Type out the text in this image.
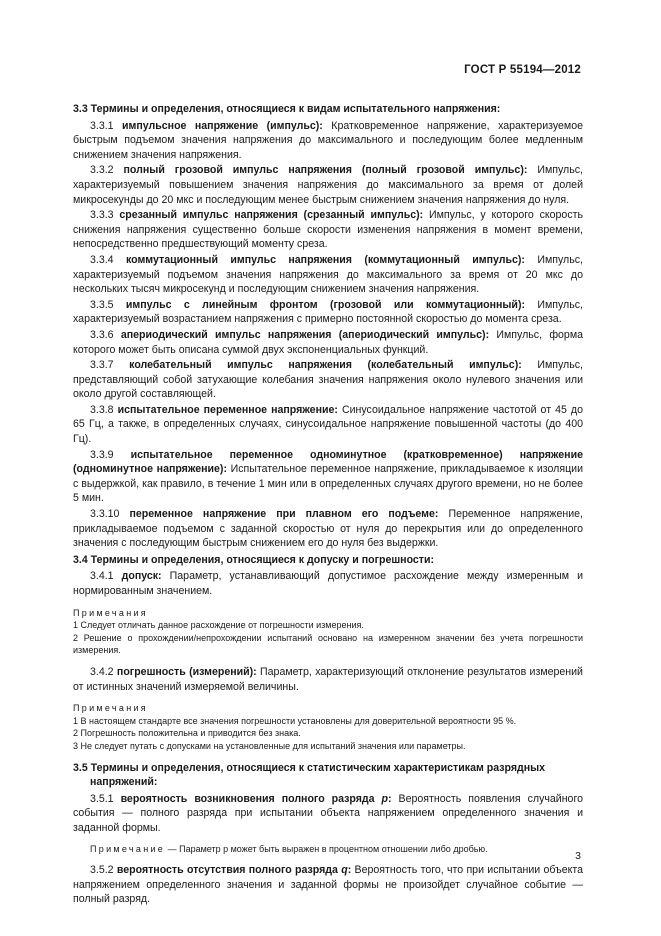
ГОСТ Р 55194—2012

3.3 Термины и определения, относящиеся к видам испытательного напряжения:

3.3.1 импульсное напряжение (импульс): Кратковременное напряжение, характеризуемое быстрым подъемом значения напряжения до максимального и последующим более медленным снижением значения напряжения.

3.3.2 полный грозовой импульс напряжения (полный грозовой импульс): Импульс, характеризуемый повышением значения напряжения до максимального за время от долей микросекунды до 20 мкс и последующим менее быстрым снижением значения напряжения до нуля.

3.3.3 срезанный импульс напряжения (срезанный импульс): Импульс, у которого скорость снижения напряжения существенно больше скорости изменения напряжения в момент времени, непосредственно предшествующий моменту среза.

3.3.4 коммутационный импульс напряжения (коммутационный импульс): Импульс, характеризуемый подъемом значения напряжения до максимального за время от 20 мкс до нескольких тысяч микросекунд и последующим снижением значения напряжения.

3.3.5 импульс с линейным фронтом (грозовой или коммутационный): Импульс, характеризуемый возрастанием напряжения с примерно постоянной скоростью до момента среза.

3.3.6 апериодический импульс напряжения (апериодический импульс): Импульс, форма которого может быть описана суммой двух экспоненциальных функций.

3.3.7 колебательный импульс напряжения (колебательный импульс): Импульс, представляющий собой затухающие колебания значения напряжения около нулевого значения или около другой составляющей.

3.3.8 испытательное переменное напряжение: Синусоидальное напряжение частотой от 45 до 65 Гц, а также, в определенных случаях, синусоидальное напряжение повышенной частоты (до 400 Гц).

3.3.9 испытательное переменное одноминутное (кратковременное) напряжение (одноминутное напряжение): Испытательное переменное напряжение, прикладываемое к изоляции с выдержкой, как правило, в течение 1 мин или в определенных случаях другого времени, но не более 5 мин.

3.3.10 переменное напряжение при плавном его подъеме: Переменное напряжение, прикладываемое подъемом с заданной скоростью от нуля до перекрытия или до определенного значения с последующим быстрым снижением его до нуля без выдержки.

3.4 Термины и определения, относящиеся к допуску и погрешности:

3.4.1 допуск: Параметр, устанавливающий допустимое расхождение между измеренным и нормированным значением.

Примечания
1 Следует отличать данное расхождение от погрешности измерения.
2 Решение о прохождении/непрохождении испытаний основано на измеренном значении без учета погрешности измерения.

3.4.2 погрешность (измерений): Параметр, характеризующий отклонение результатов измерений от истинных значений измеряемой величины.

Примечания
1 В настоящем стандарте все значения погрешности установлены для доверительной вероятности 95 %.
2 Погрешность положительна и приводится без знака.
3 Не следует путать с допусками на установленные для испытаний значения или параметры.

3.5 Термины и определения, относящиеся к статистическим характеристикам разрядных
напряжений:

3.5.1 вероятность возникновения полного разряда p: Вероятность появления случайного события — полного разряда при испытании объекта напряжением определенного значения и заданной формы.

Примечание — Параметр p может быть выражен в процентном отношении либо дробью.

3.5.2 вероятность отсутствия полного разряда q: Вероятность того, что при испытании объекта напряжением определенного значения и заданной формы не произойдет случайное событие — полный разряд.

3
